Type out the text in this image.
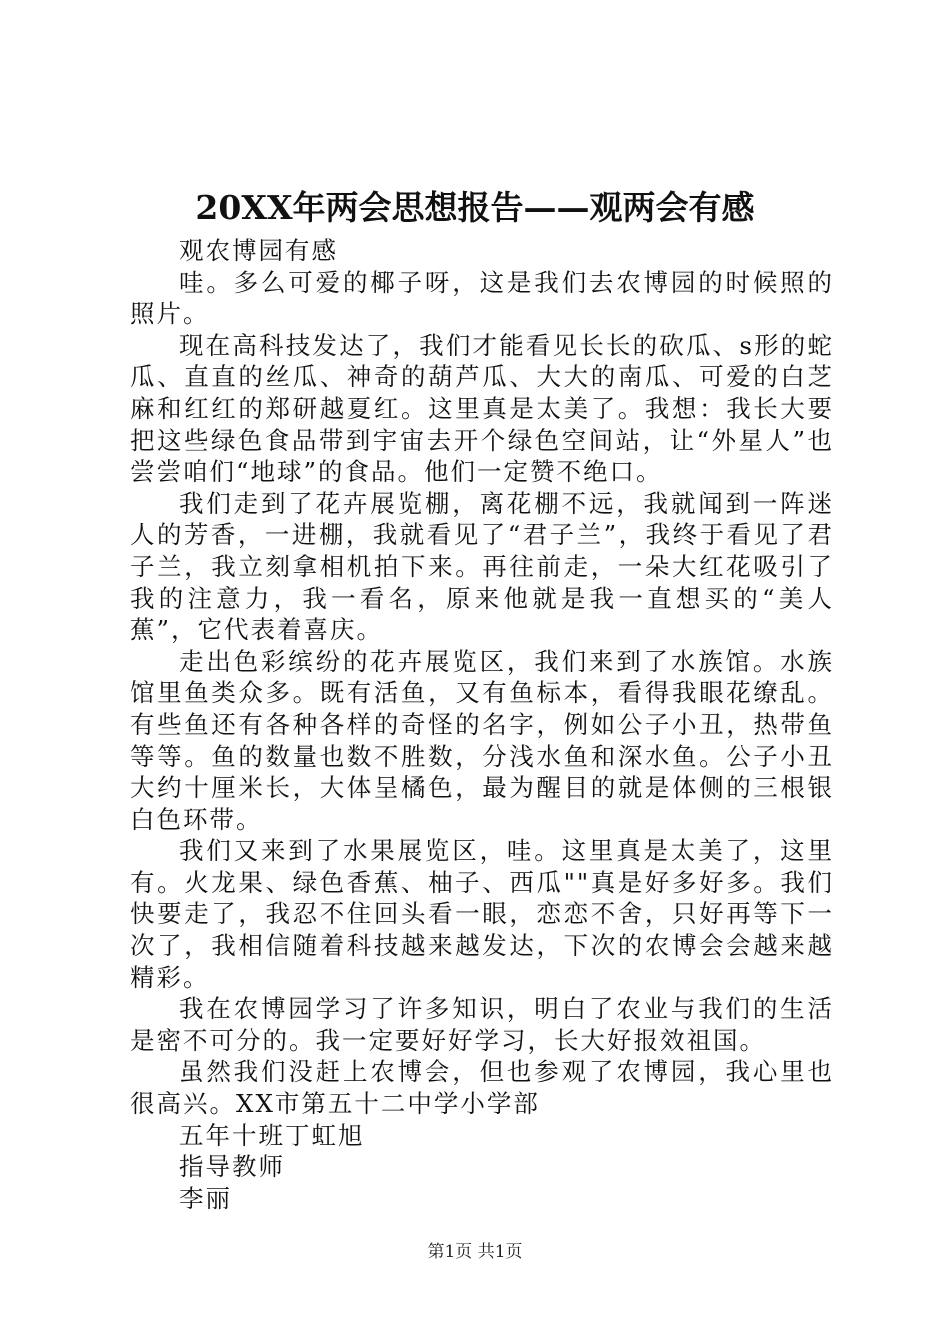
20XX年两会思想报告——观两会有感

观农博园有感

哇。多么可爱的椰子呀，这是我们去农博园的时候照的照片。

现在高科技发达了，我们才能看见长长的砍瓜、s形的蛇瓜、直直的丝瓜、神奇的葫芦瓜、大大的南瓜、可爱的白芝麻和红红的郑研越夏红。这里真是太美了。我想：我长大要把这些绿色食品带到宇宙去开个绿色空间站，让“外星人”也尝尝咱们“地球”的食品。他们一定赞不绝口。

我们走到了花卉展览棚，离花棚不远，我就闻到一阵迷人的芳香，一进棚，我就看见了“君子兰”，我终于看见了君子兰，我立刻拿相机拍下来。再往前走，一朵大红花吸引了我的注意力，我一看名，原来他就是我一直想买的“美人蕉”，它代表着喜庆。

走出色彩缤纷的花卉展览区，我们来到了水族馆。水族馆里鱼类众多。既有活鱼，又有鱼标本，看得我眼花缭乱。有些鱼还有各种各样的奇怪的名字，例如公子小丑，热带鱼等等。鱼的数量也数不胜数，分浅水鱼和深水鱼。公子小丑大约十厘米长，大体呈橘色，最为醒目的就是体侧的三根银白色环带。

我们又来到了水果展览区，哇。这里真是太美了，这里有。火龙果、绿色香蕉、柚子、西瓜""真是好多好多。我们快要走了，我忍不住回头看一眼，恋恋不舍，只好再等下一次了，我相信随着科技越来越发达，下次的农博会会越来越精彩。

我在农博园学习了许多知识，明白了农业与我们的生活是密不可分的。我一定要好好学习，长大好报效祖国。

虽然我们没赶上农博会，但也参观了农博园，我心里也很高兴。XX市第五十二中学小学部

五年十班丁虹旭

指导教师

李丽

第1页 共1页
